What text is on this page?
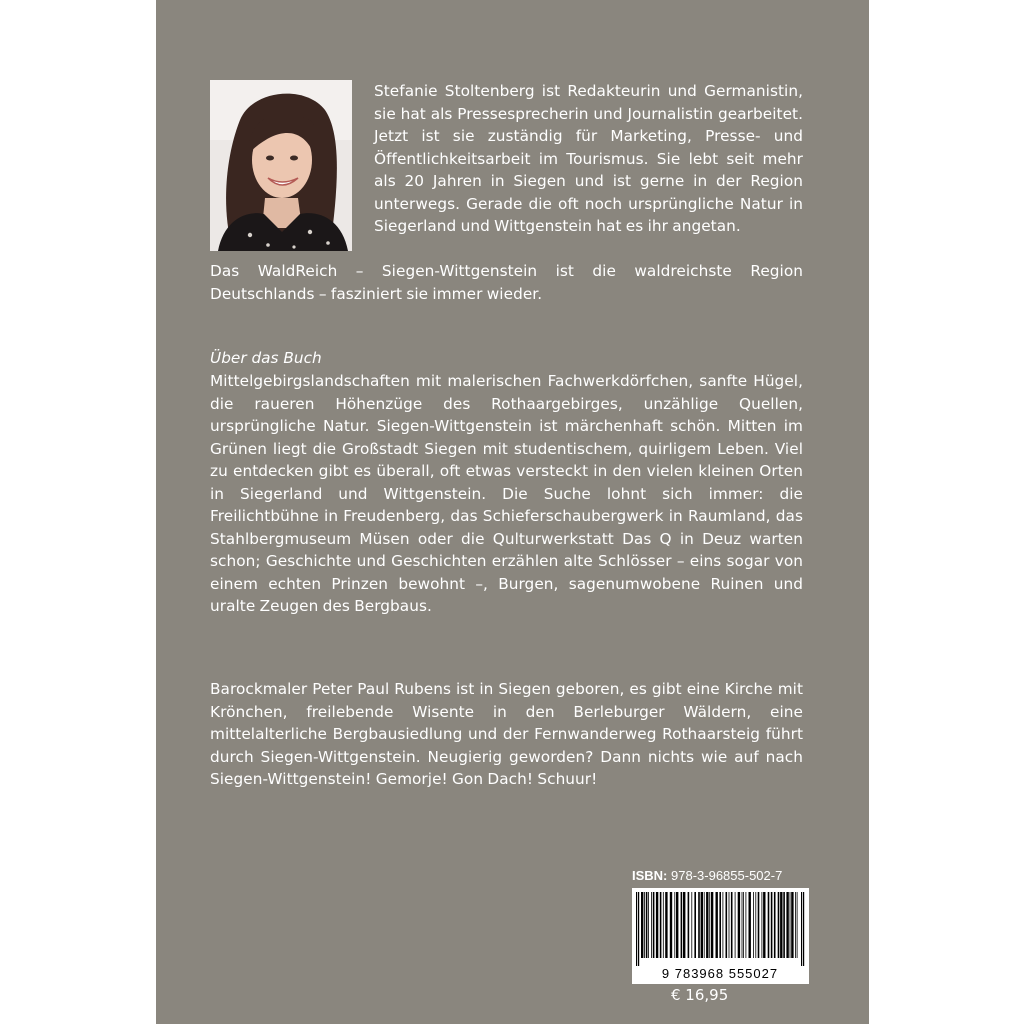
Stefanie Stoltenberg ist Redakteurin und Germanistin, sie hat als Pressesprecherin und Journalistin gearbeitet. Jetzt ist sie zuständig für Marketing, Presse- und Öffentlichkeitsarbeit im Tourismus. Sie lebt seit mehr als 20 Jahren in Siegen und ist gerne in der Region unterwegs. Gerade die oft noch ursprüngliche Natur in Siegerland und Wittgenstein hat es ihr angetan.
Das WaldReich – Siegen-Wittgenstein ist die waldreichste Region Deutschlands – fasziniert sie immer wieder.
Über das Buch

Mittelgebirgslandschaften mit malerischen Fachwerkdörfchen, sanfte Hügel, die raueren Höhenzüge des Rothaargebirges, unzählige Quellen, ursprüngliche Natur. Siegen-Wittgenstein ist märchenhaft schön. Mitten im Grünen liegt die Großstadt Siegen mit studentischem, quirligem Leben. Viel zu entdecken gibt es überall, oft etwas versteckt in den vielen kleinen Orten in Siegerland und Wittgenstein. Die Suche lohnt sich immer: die Freilichtbühne in Freudenberg, das Schieferschaubergwerk in Raumland, das Stahlbergmuseum Müsen oder die Qulturwerkstatt Das Q in Deuz warten schon; Geschichte und Geschichten erzählen alte Schlösser – eins sogar von einem echten Prinzen bewohnt –, Burgen, sagenumwobene Ruinen und uralte Zeugen des Bergbaus.

Barockmaler Peter Paul Rubens ist in Siegen geboren, es gibt eine Kirche mit Krönchen, freilebende Wisente in den Berleburger Wäldern, eine mittelalterliche Bergbausiedlung und der Fernwanderweg Rothaarsteig führt durch Siegen-Wittgenstein. Neugierig geworden? Dann nichts wie auf nach Siegen-Wittgenstein! Gemorje! Gon Dach! Schuur!

ISBN: 978-3-96855-502-7
9 783968 555027
€ 16,95
